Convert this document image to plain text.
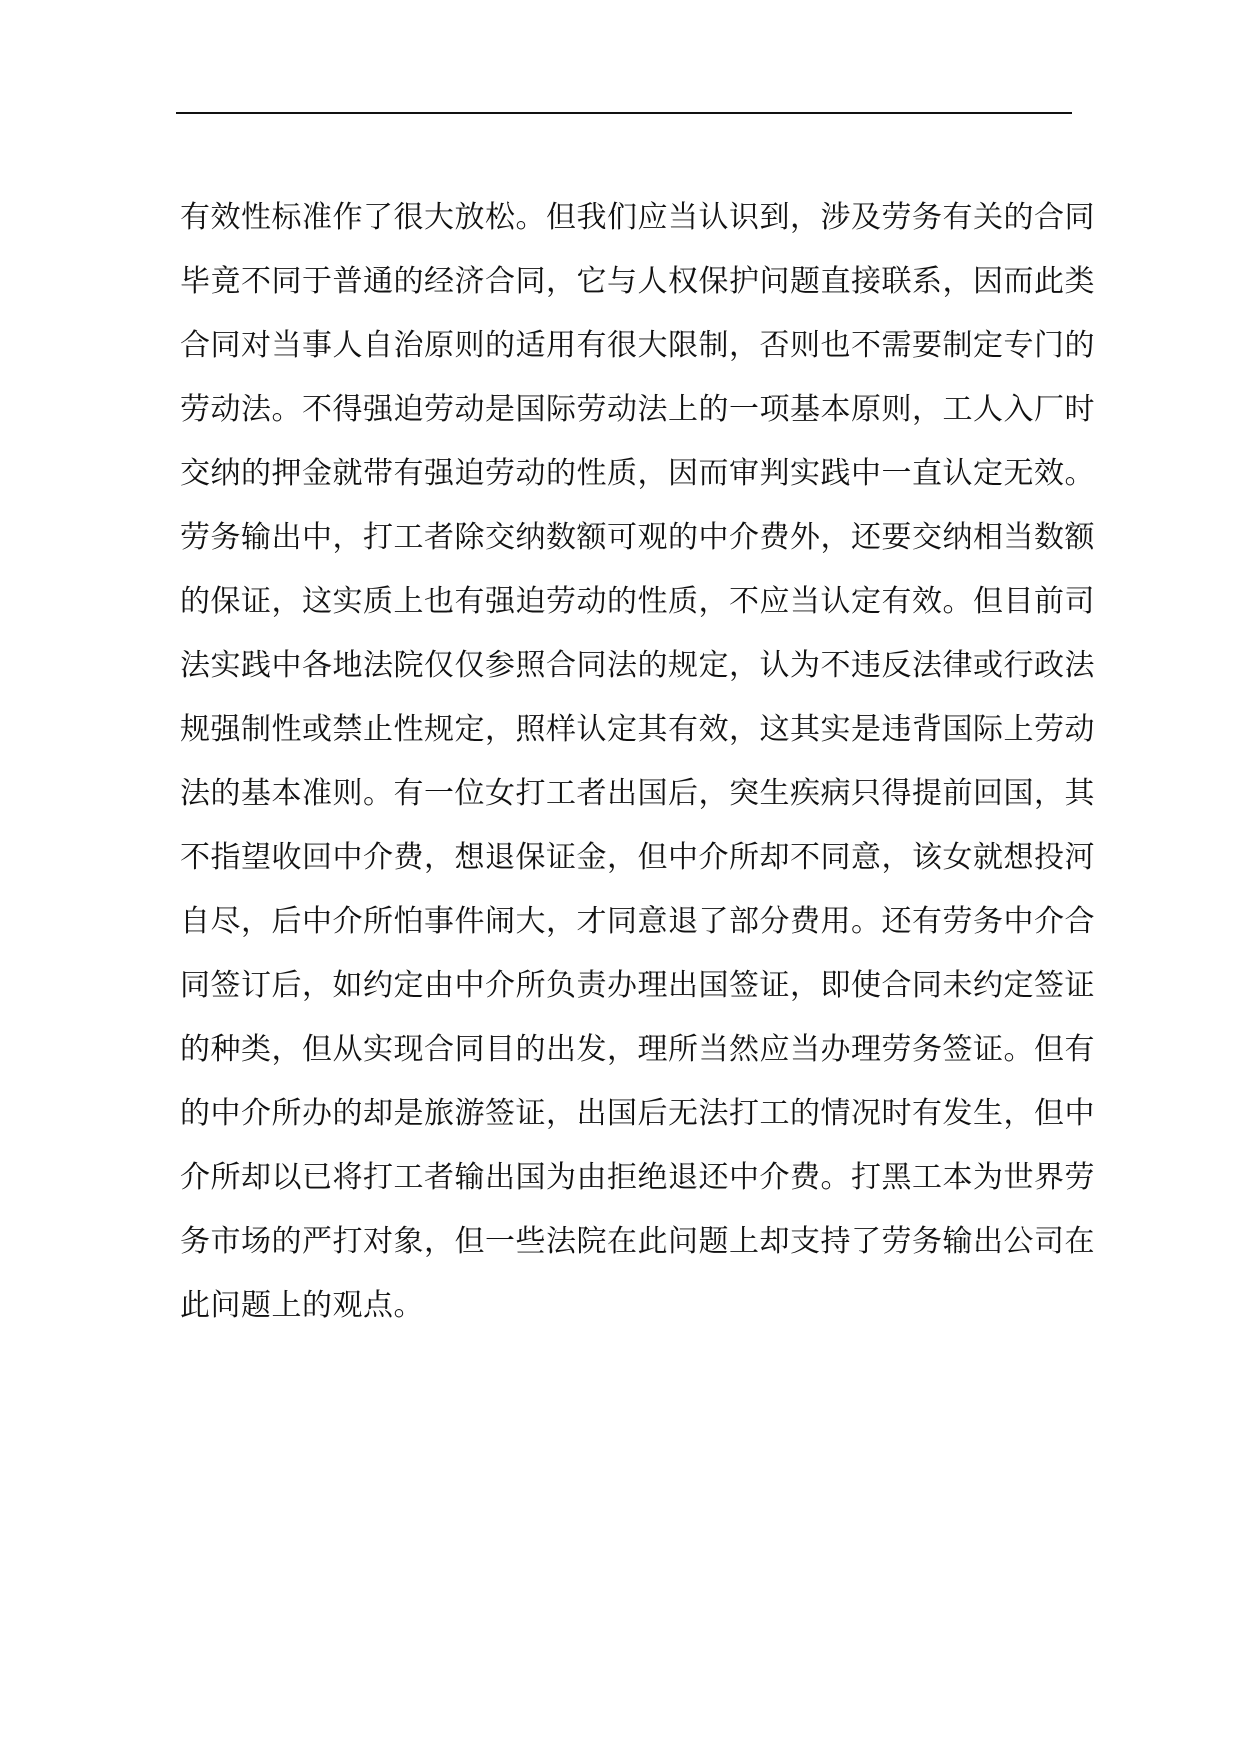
有效性标准作了很大放松。但我们应当认识到，涉及劳务有关的合同
毕竟不同于普通的经济合同，它与人权保护问题直接联系，因而此类
合同对当事人自治原则的适用有很大限制，否则也不需要制定专门的
劳动法。不得强迫劳动是国际劳动法上的一项基本原则，工人入厂时
交纳的押金就带有强迫劳动的性质，因而审判实践中一直认定无效。
劳务输出中，打工者除交纳数额可观的中介费外，还要交纳相当数额
的保证，这实质上也有强迫劳动的性质，不应当认定有效。但目前司
法实践中各地法院仅仅参照合同法的规定，认为不违反法律或行政法
规强制性或禁止性规定，照样认定其有效，这其实是违背国际上劳动
法的基本准则。有一位女打工者出国后，突生疾病只得提前回国，其
不指望收回中介费，想退保证金，但中介所却不同意，该女就想投河
自尽，后中介所怕事件闹大，才同意退了部分费用。还有劳务中介合
同签订后，如约定由中介所负责办理出国签证，即使合同未约定签证
的种类，但从实现合同目的出发，理所当然应当办理劳务签证。但有
的中介所办的却是旅游签证，出国后无法打工的情况时有发生，但中
介所却以已将打工者输出国为由拒绝退还中介费。打黑工本为世界劳
务市场的严打对象，但一些法院在此问题上却支持了劳务输出公司在
此问题上的观点。
